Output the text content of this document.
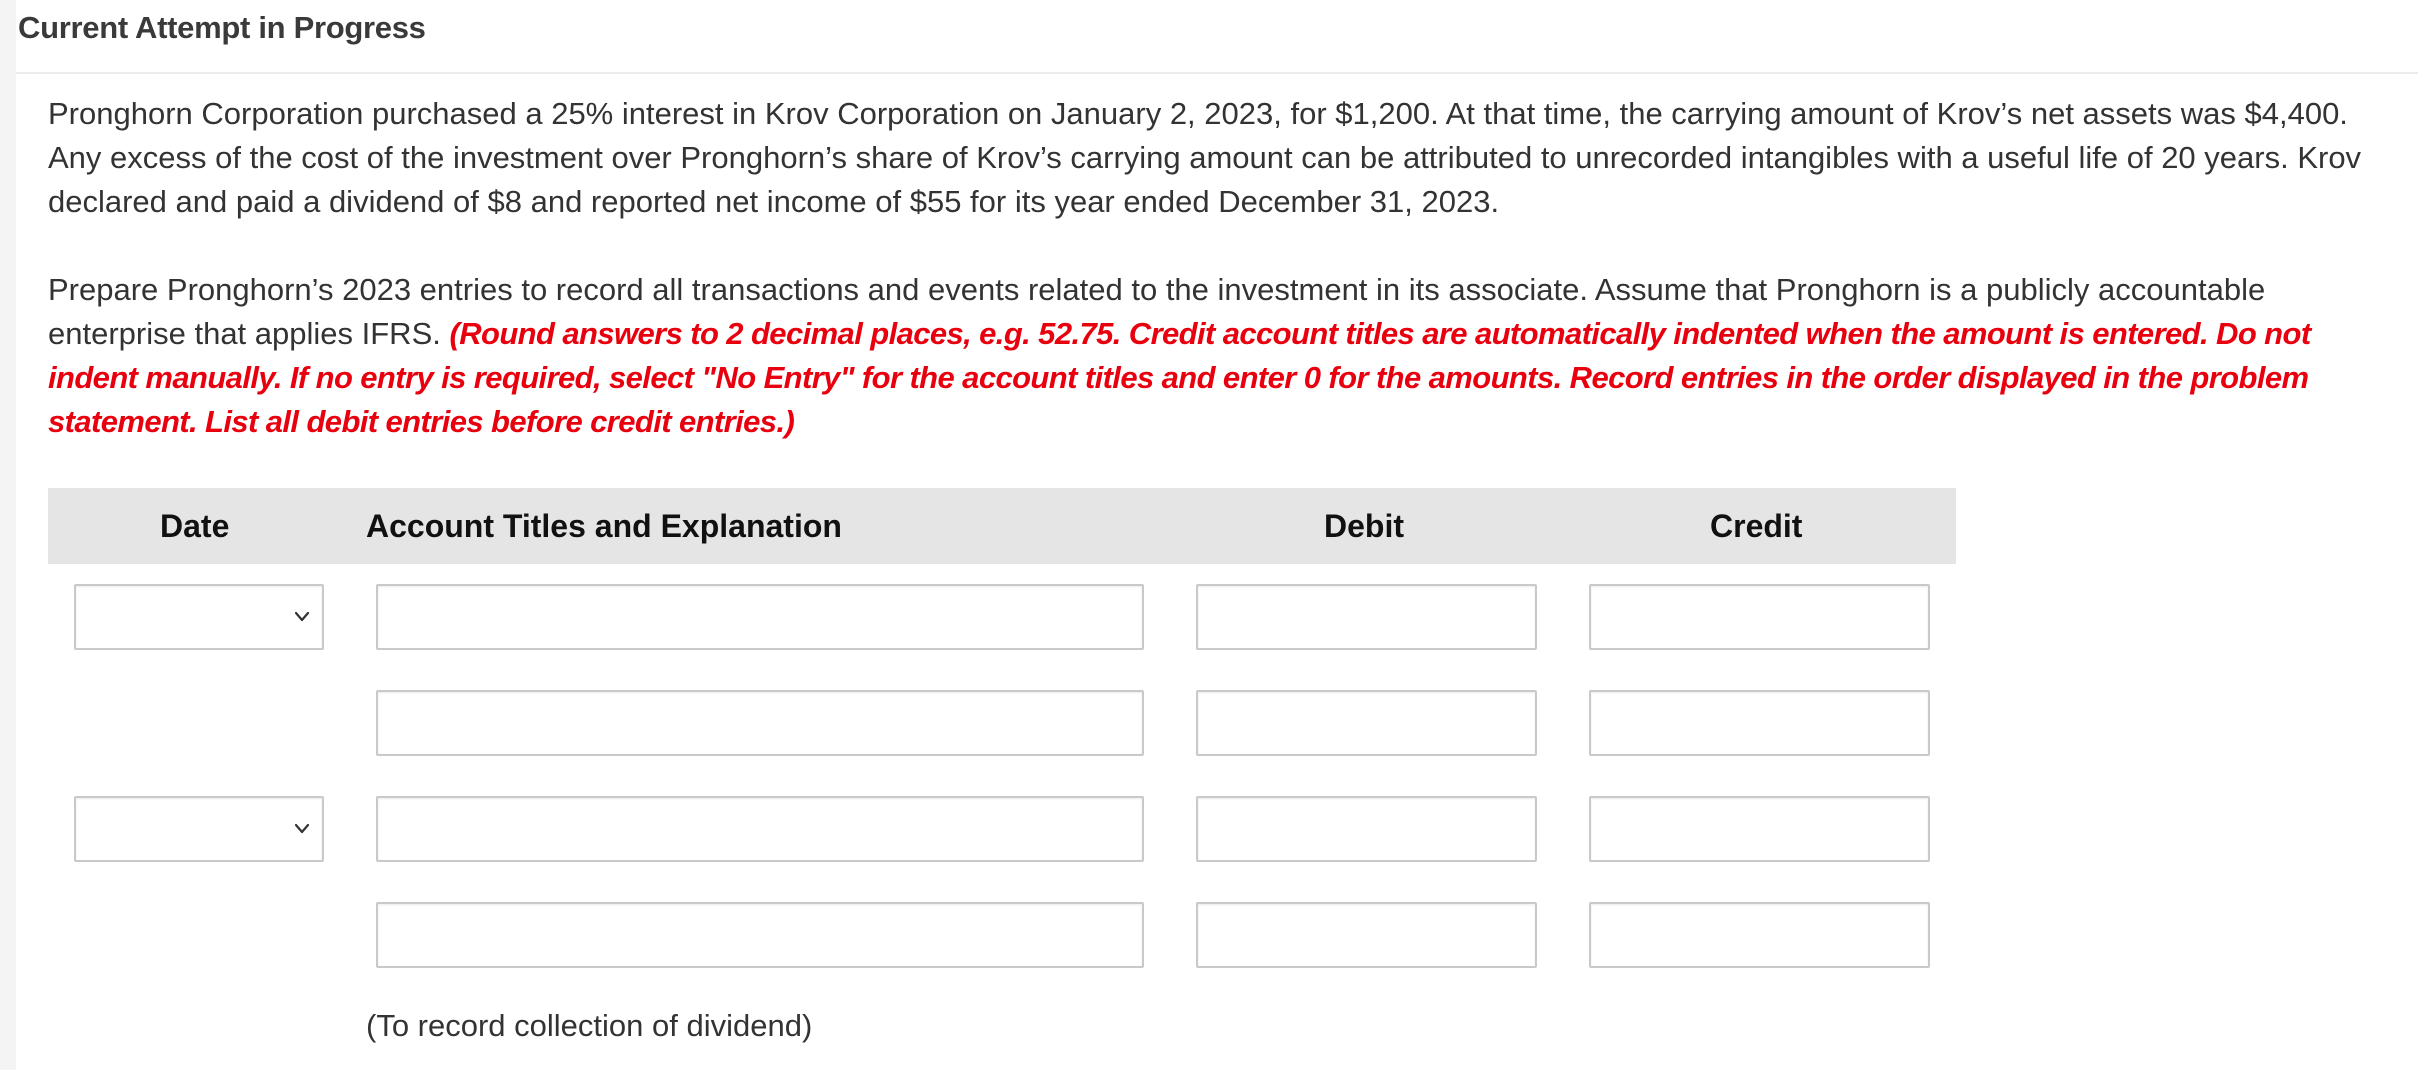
Current Attempt in Progress

Pronghorn Corporation purchased a 25% interest in Krov Corporation on January 2, 2023, for $1,200. At that time, the carrying amount of Krov’s net assets was $4,400. Any excess of the cost of the investment over Pronghorn’s share of Krov’s carrying amount can be attributed to unrecorded intangibles with a useful life of 20 years. Krov declared and paid a dividend of $8 and reported net income of $55 for its year ended December 31, 2023.

Prepare Pronghorn’s 2023 entries to record all transactions and events related to the investment in its associate. Assume that Pronghorn is a publicly accountable enterprise that applies IFRS. (Round answers to 2 decimal places, e.g. 52.75. Credit account titles are automatically indented when the amount is entered. Do not indent manually. If no entry is required, select "No Entry" for the account titles and enter 0 for the amounts. Record entries in the order displayed in the problem statement. List all debit entries before credit entries.)

Date	Account Titles and Explanation	Debit	Credit
(To record collection of dividend)
